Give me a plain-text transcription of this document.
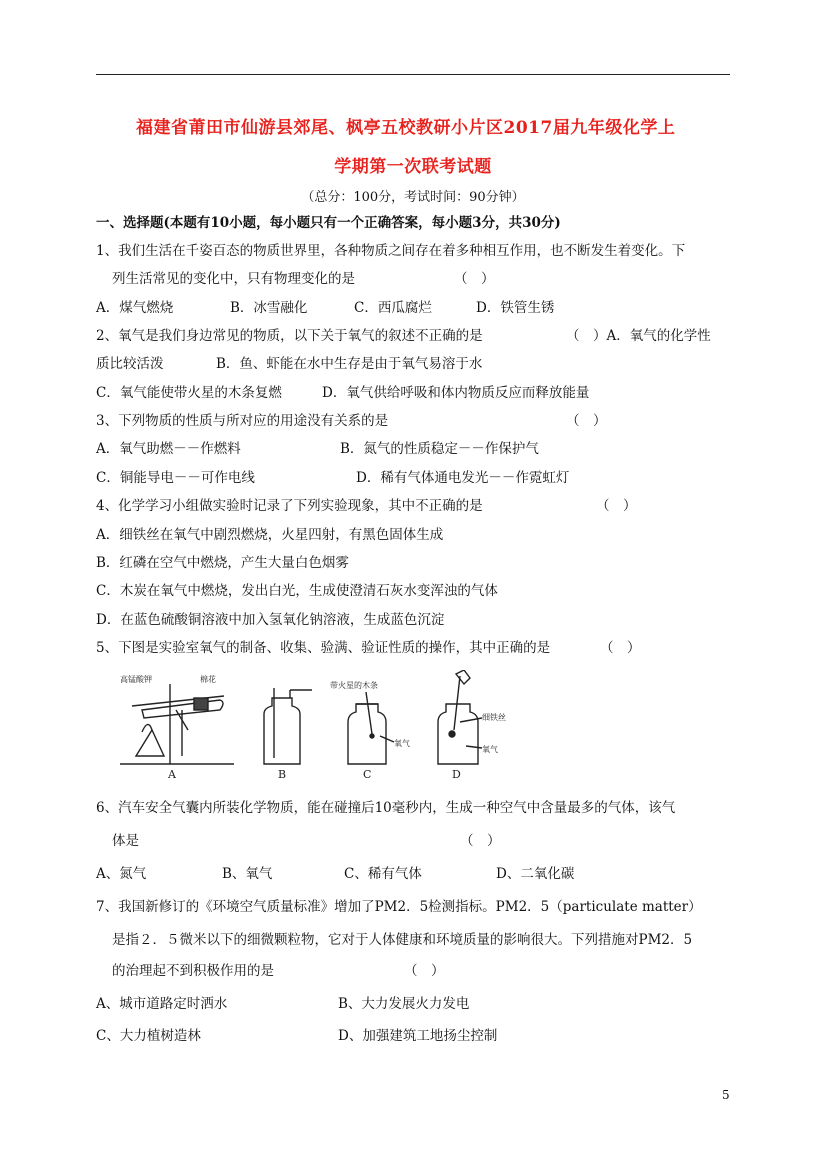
福建省莆田市仙游县郊尾、枫亭五校教研小片区2017届九年级化学上
学期第一次联考试题
（总分：100分，考试时间：90分钟）
一、选择题(本题有10小题，每小题只有一个正确答案，每小题3分，共30分)
1、我们生活在千姿百态的物质世界里，各种物质之间存在着多种相互作用，也不断发生着变化。下
列生活常见的变化中，只有物理变化的是	（　）
A．煤气燃烧	B．冰雪融化	C．西瓜腐烂	D．铁管生锈
2、氧气是我们身边常见的物质，以下关于氧气的叙述不正确的是	（　）A．氧气的化学性
质比较活泼	B．鱼、虾能在水中生存是由于氧气易溶于水
C．氧气能使带火星的木条复燃	D．氧气供给呼吸和体内物质反应而释放能量
3、下列物质的性质与所对应的用途没有关系的是	（　）
A．氧气助燃－－作燃料	B．氮气的性质稳定－－作保护气
C．铜能导电－－可作电线	D．稀有气体通电发光－－作霓虹灯
4、化学学习小组做实验时记录了下列实验现象，其中不正确的是	（　）
A．细铁丝在氧气中剧烈燃烧，火星四射，有黑色固体生成
B．红磷在空气中燃烧，产生大量白色烟雾
C．木炭在氧气中燃烧，发出白光，生成使澄清石灰水变浑浊的气体
D．在蓝色硫酸铜溶液中加入氢氧化钠溶液，生成蓝色沉淀
5、下图是实验室氧气的制备、收集、验满、验证性质的操作，其中正确的是	（　）
高锰酸钾	棉花
带火星的木条
氧气
细铁丝
氧气
A	B	C	D
6、汽车安全气囊内所装化学物质，能在碰撞后10毫秒内，生成一种空气中含量最多的气体，该气
体是	（　）
A、氮气	B、氧气	C、稀有气体	D、二氧化碳
7、我国新修订的《环境空气质量标准》增加了PM2．5检测指标。PM2．5（particulate matter）
是指２．５微米以下的细微颗粒物，它对于人体健康和环境质量的影响很大。下列措施对PM2．5
的治理起不到积极作用的是	（　）
A、城市道路定时洒水	B、大力发展火力发电
C、大力植树造林	D、加强建筑工地扬尘控制
5
